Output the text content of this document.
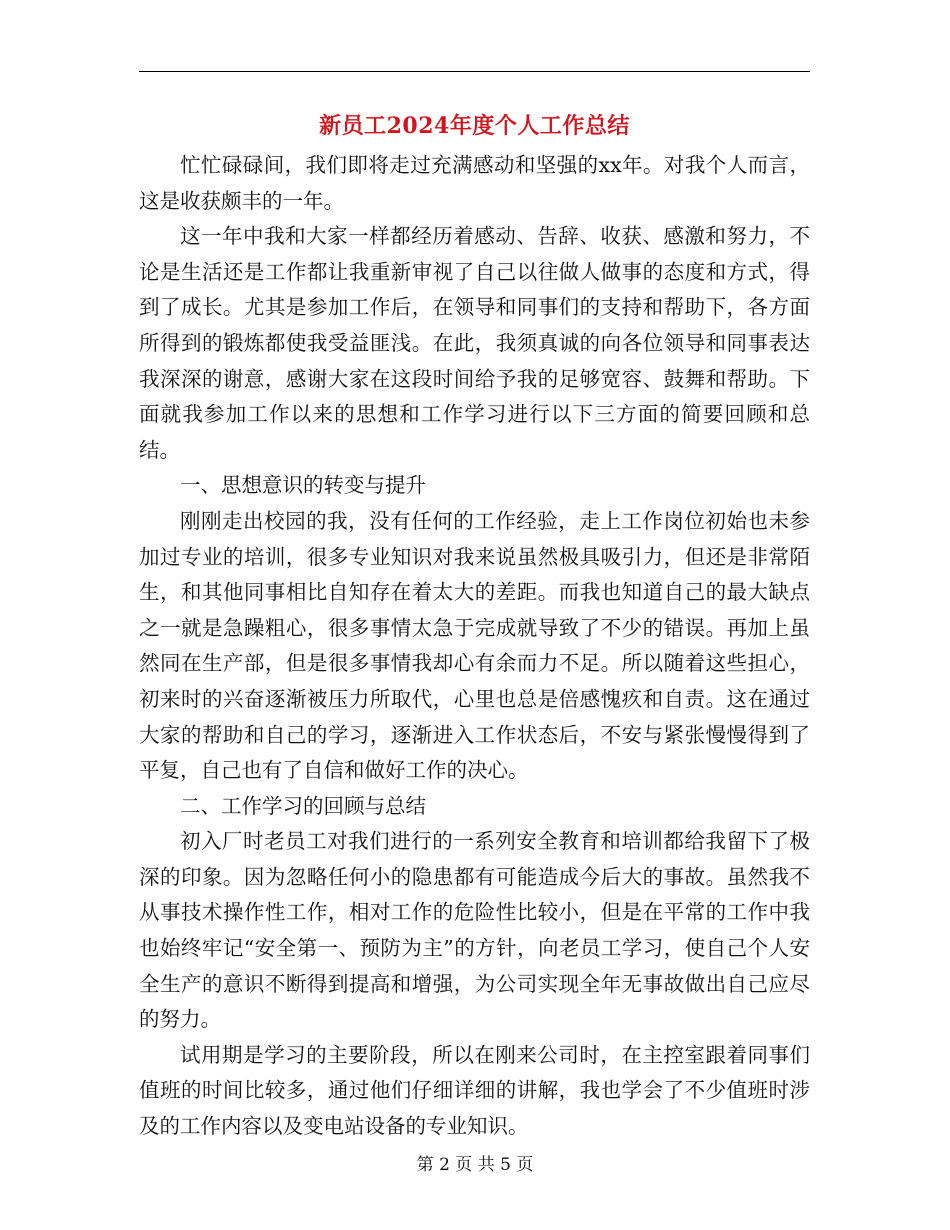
新员工2024年度个人工作总结

忙忙碌碌间，我们即将走过充满感动和坚强的xx年。对我个人而言，这是收获颇丰的一年。

这一年中我和大家一样都经历着感动、告辞、收获、感激和努力，不论是生活还是工作都让我重新审视了自己以往做人做事的态度和方式，得到了成长。尤其是参加工作后，在领导和同事们的支持和帮助下，各方面所得到的锻炼都使我受益匪浅。在此，我须真诚的向各位领导和同事表达我深深的谢意，感谢大家在这段时间给予我的足够宽容、鼓舞和帮助。下面就我参加工作以来的思想和工作学习进行以下三方面的简要回顾和总结。

一、思想意识的转变与提升

刚刚走出校园的我，没有任何的工作经验，走上工作岗位初始也未参加过专业的培训，很多专业知识对我来说虽然极具吸引力，但还是非常陌生，和其他同事相比自知存在着太大的差距。而我也知道自己的最大缺点之一就是急躁粗心，很多事情太急于完成就导致了不少的错误。再加上虽然同在生产部，但是很多事情我却心有余而力不足。所以随着这些担心，初来时的兴奋逐渐被压力所取代，心里也总是倍感愧疚和自责。这在通过大家的帮助和自己的学习，逐渐进入工作状态后，不安与紧张慢慢得到了平复，自己也有了自信和做好工作的决心。

二、工作学习的回顾与总结

初入厂时老员工对我们进行的一系列安全教育和培训都给我留下了极深的印象。因为忽略任何小的隐患都有可能造成今后大的事故。虽然我不从事技术操作性工作，相对工作的危险性比较小，但是在平常的工作中我也始终牢记“安全第一、预防为主”的方针，向老员工学习，使自己个人安全生产的意识不断得到提高和增强，为公司实现全年无事故做出自己应尽的努力。

试用期是学习的主要阶段，所以在刚来公司时，在主控室跟着同事们值班的时间比较多，通过他们仔细详细的讲解，我也学会了不少值班时涉及的工作内容以及变电站设备的专业知识。

第 2 页 共 5 页
